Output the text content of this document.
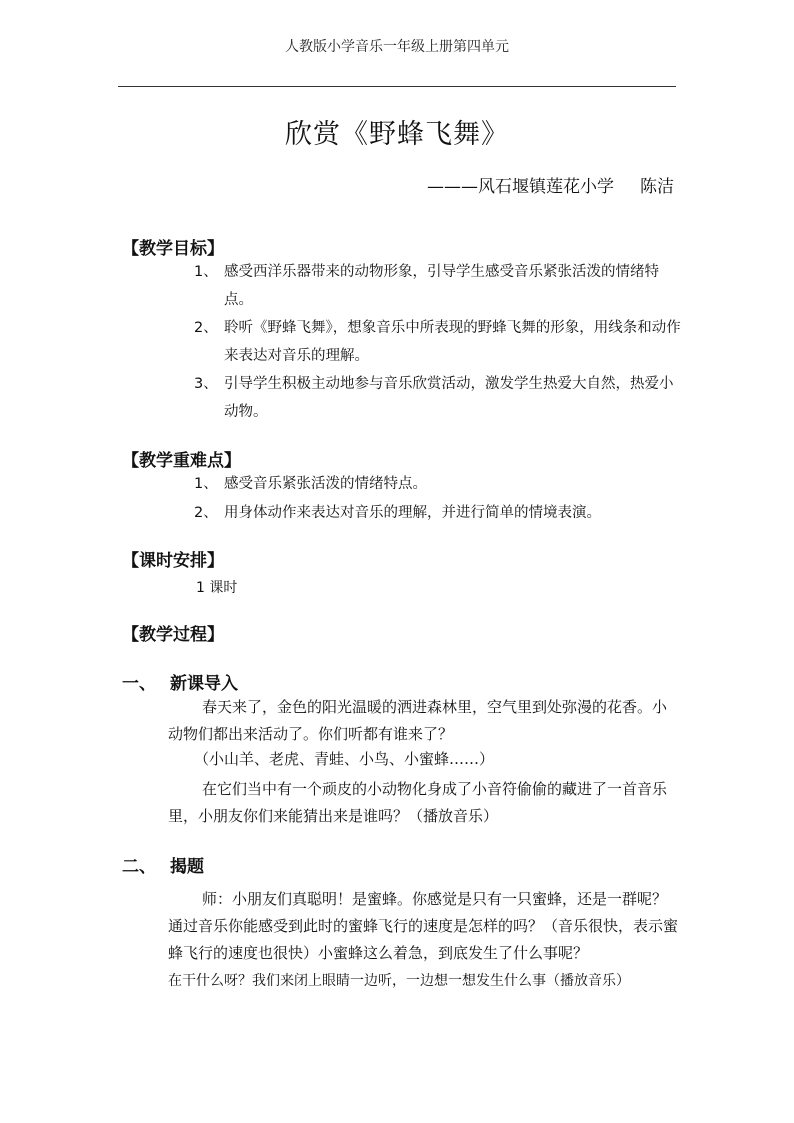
人教版小学音乐一年级上册第四单元
欣赏《野蜂飞舞》
———风石堰镇莲花小学 陈洁
【教学目标】
1、 感受西洋乐器带来的动物形象，引导学生感受音乐紧张活泼的情绪特点。
2、 聆听《野蜂飞舞》，想象音乐中所表现的野蜂飞舞的形象，用线条和动作来表达对音乐的理解。
3、 引导学生积极主动地参与音乐欣赏活动，激发学生热爱大自然，热爱小动物。
【教学重难点】
1、 感受音乐紧张活泼的情绪特点。
2、 用身体动作来表达对音乐的理解，并进行简单的情境表演。
【课时安排】
1 课时
【教学过程】
一、 新课导入
春天来了，金色的阳光温暖的洒进森林里，空气里到处弥漫的花香。小动物们都出来活动了。你们听都有谁来了？
（小山羊、老虎、青蛙、小鸟、小蜜蜂……）
在它们当中有一个顽皮的小动物化身成了小音符偷偷的藏进了一首音乐里，小朋友你们来能猜出来是谁吗？（播放音乐）
二、 揭题
师：小朋友们真聪明！是蜜蜂。你感觉是只有一只蜜蜂，还是一群呢？通过音乐你能感受到此时的蜜蜂飞行的速度是怎样的吗？（音乐很快，表示蜜蜂飞行的速度也很快）小蜜蜂这么着急，到底发生了什么事呢？
在干什么呀？我们来闭上眼睛一边听，一边想一想发生什么事（播放音乐）
